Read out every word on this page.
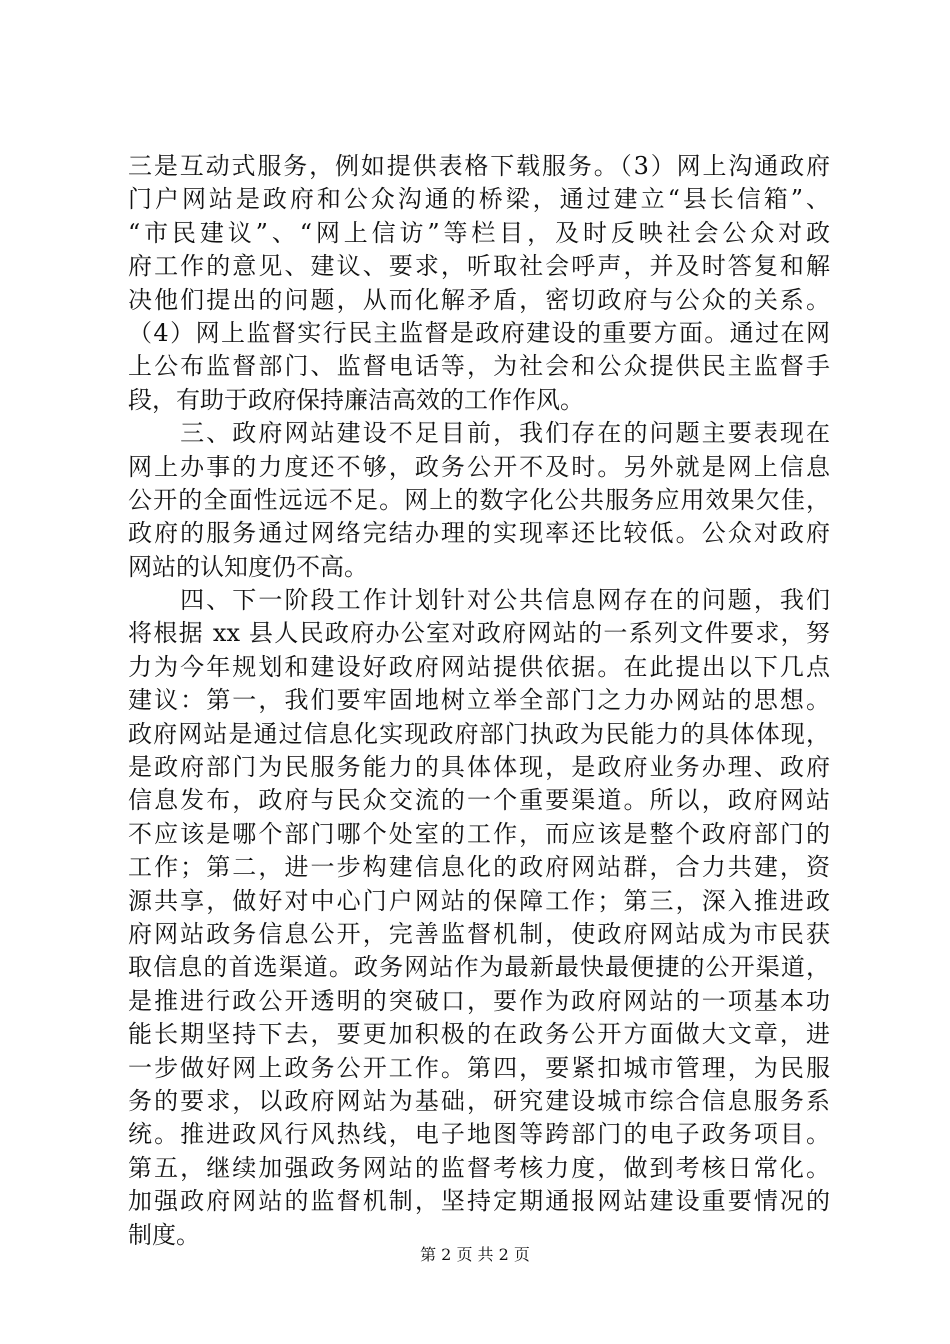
三是互动式服务，例如提供表格下载服务。（3）网上沟通政府
门户网站是政府和公众沟通的桥梁，通过建立“县长信箱”、
“市民建议”、“网上信访”等栏目，及时反映社会公众对政
府工作的意见、建议、要求，听取社会呼声，并及时答复和解
决他们提出的问题，从而化解矛盾，密切政府与公众的关系。
（4）网上监督实行民主监督是政府建设的重要方面。通过在网
上公布监督部门、监督电话等，为社会和公众提供民主监督手
段，有助于政府保持廉洁高效的工作作风。
　　三、政府网站建设不足目前，我们存在的问题主要表现在
网上办事的力度还不够，政务公开不及时。另外就是网上信息
公开的全面性远远不足。网上的数字化公共服务应用效果欠佳，
政府的服务通过网络完结办理的实现率还比较低。公众对政府
网站的认知度仍不高。
　　四、下一阶段工作计划针对公共信息网存在的问题，我们
将根据 xx 县人民政府办公室对政府网站的一系列文件要求，努
力为今年规划和建设好政府网站提供依据。在此提出以下几点
建议：第一，我们要牢固地树立举全部门之力办网站的思想。
政府网站是通过信息化实现政府部门执政为民能力的具体体现，
是政府部门为民服务能力的具体体现，是政府业务办理、政府
信息发布，政府与民众交流的一个重要渠道。所以，政府网站
不应该是哪个部门哪个处室的工作，而应该是整个政府部门的
工作；第二，进一步构建信息化的政府网站群，合力共建，资
源共享，做好对中心门户网站的保障工作；第三，深入推进政
府网站政务信息公开，完善监督机制，使政府网站成为市民获
取信息的首选渠道。政务网站作为最新最快最便捷的公开渠道，
是推进行政公开透明的突破口，要作为政府网站的一项基本功
能长期坚持下去，要更加积极的在政务公开方面做大文章，进
一步做好网上政务公开工作。第四，要紧扣城市管理，为民服
务的要求，以政府网站为基础，研究建设城市综合信息服务系
统。推进政风行风热线，电子地图等跨部门的电子政务项目。
第五，继续加强政务网站的监督考核力度，做到考核日常化。
加强政府网站的监督机制，坚持定期通报网站建设重要情况的
制度。
第 2 页 共 2 页
